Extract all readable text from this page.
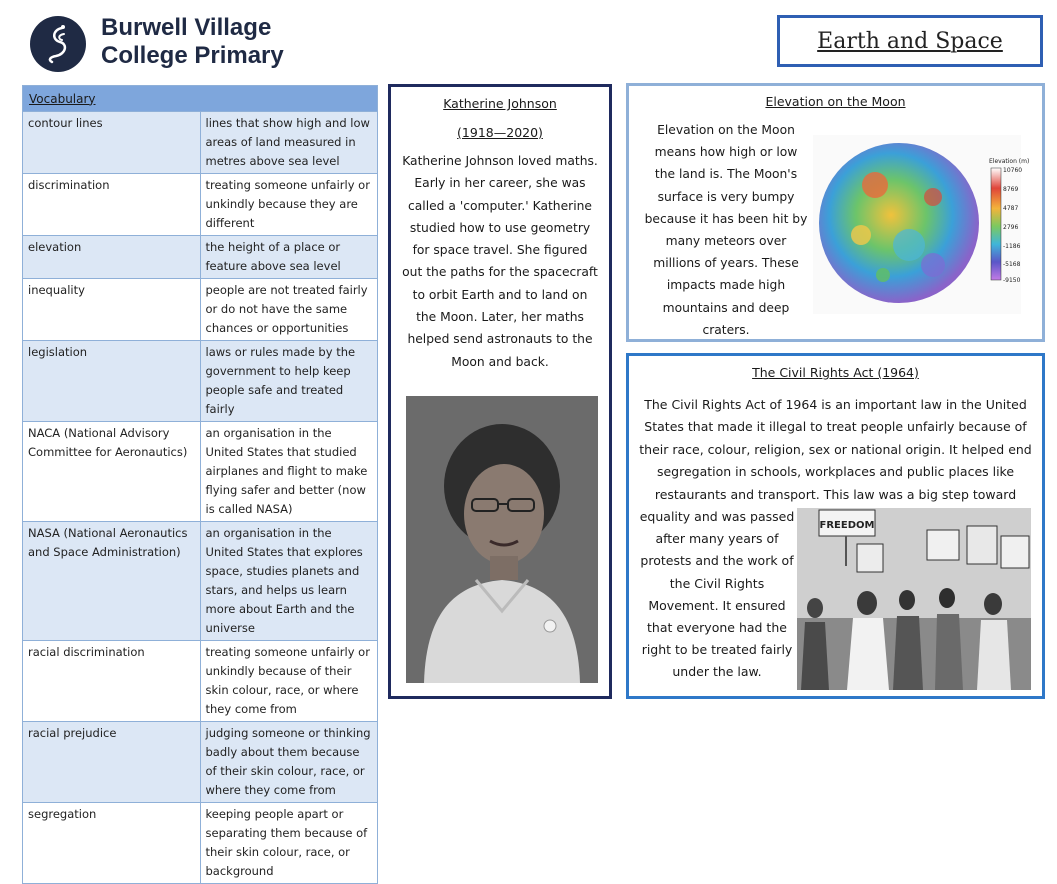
Burwell Village
College Primary
Earth and Space
Vocabulary	
contour lines	lines that show high and low areas of land measured in metres above sea level
discrimination	treating someone unfairly or unkindly because they are different
elevation	the height of a place or feature above sea level
inequality	people are not treated fairly or do not have the same chances or opportunities
legislation	laws or rules made by the government to help keep people safe and treated fairly
NACA (National Advisory Committee for Aeronautics)	an organisation in the United States that studied airplanes and flight to make flying safer and better (now is called NASA)
NASA (National Aeronautics and Space Administration)	an organisation in the United States that explores space, studies planets and stars, and helps us learn more about Earth and the universe
racial discrimination	treating someone unfairly or unkindly because of their skin colour, race, or where they come from
racial prejudice	judging someone or thinking badly about them because of their skin colour, race, or where they come from
segregation	keeping people apart or separating them because of their skin colour, race, or background
Katherine Johnson
(1918—2020)

Katherine Johnson loved maths. Early in her career, she was called a 'computer.' Katherine studied how to use geometry for space travel. She figured out the paths for the spacecraft to orbit Earth and to land on the Moon. Later, her maths helped send astronauts to the Moon and back.

Elevation on the Moon

Elevation on the Moon means how high or low the land is. The Moon's surface is very bumpy because it has been hit by many meteors over millions of years. These impacts made high mountains and deep craters.

Elevation (m)
10760
8769
4787
2796
-1186
-5168
-9150
The Civil Rights Act (1964)
The Civil Rights Act of 1964 is an important law in the United States that made it illegal to treat people unfairly because of their race, colour, religion, sex or national origin. It helped end segregation in schools, workplaces and public places like restaurants and transport. This law was a big step toward
equality and was passed after many years of protests and the work of the Civil Rights Movement. It ensured that everyone had the right to be treated fairly under the law.
FREEDOM
